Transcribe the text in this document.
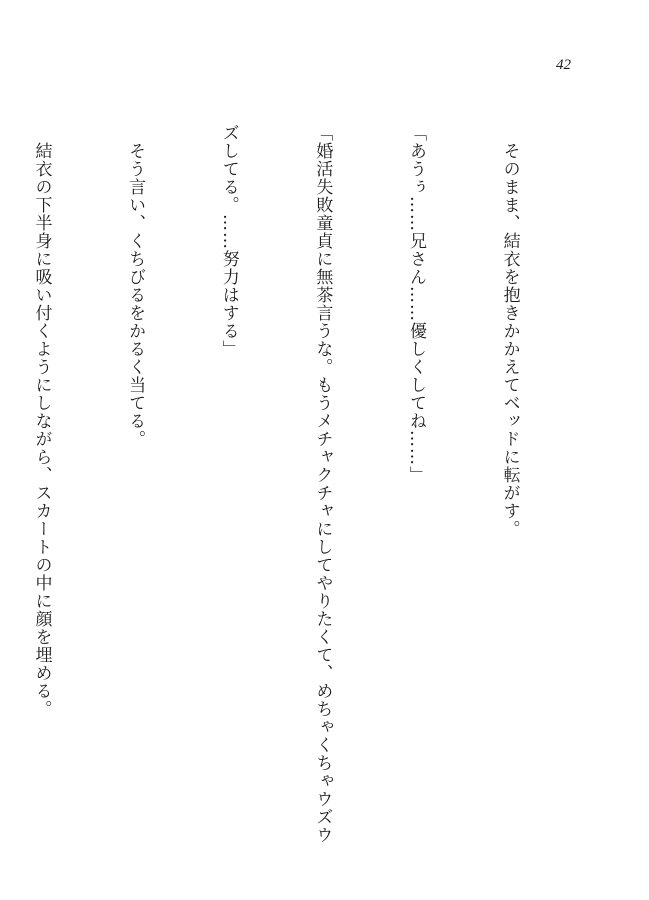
42

　そのまま、結衣を抱きかかえてベッドに転がす。

「あうぅ……兄さん……優しくしてね……」

「婚活失敗童貞に無茶言うな。もうメチャクチャにしてやりたくて、めちゃくちゃウズウ

ズしてる。……努力はする」

　そう言い、くちびるをかるく当てる。

　結衣の下半身に吸い付くようにしながら、スカートの中に顔を埋める。
